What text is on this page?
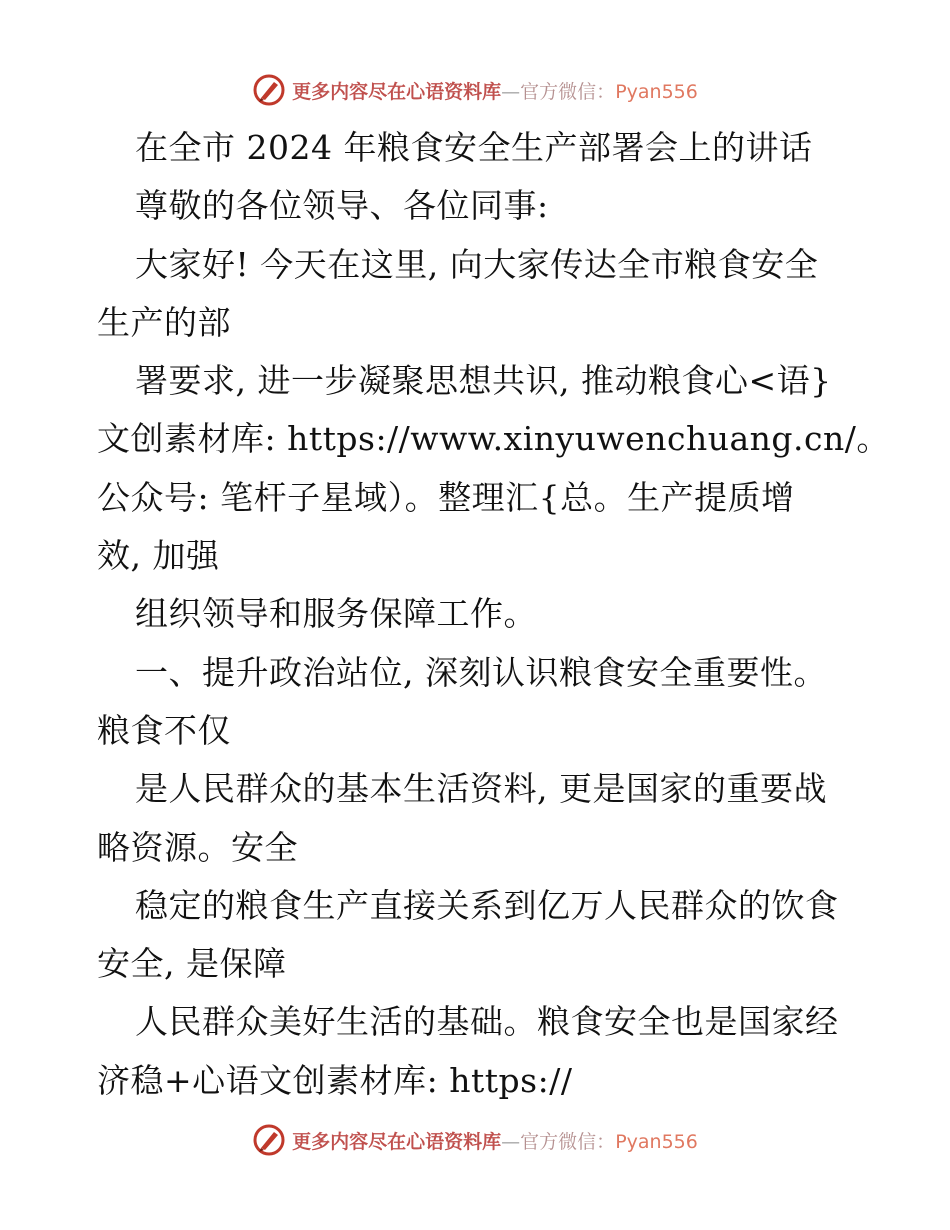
更多内容尽在心语资料库—官方微信：Pyan556
在全市 2024 年粮食安全生产部署会上的讲话
尊敬的各位领导、各位同事:
大家好! 今天在这里, 向大家传达全市粮食安全
生产的部
署要求, 进一步凝聚思想共识, 推动粮食心<语}
文创素材库: https://www.xinyuwenchuang.cn/。
公众号: 笔杆子星域）。整理汇{总。生产提质增
效, 加强
组织领导和服务保障工作。
一、提升政治站位, 深刻认识粮食安全重要性。
粮食不仅
是人民群众的基本生活资料, 更是国家的重要战
略资源。安全
稳定的粮食生产直接关系到亿万人民群众的饮食
安全, 是保障
人民群众美好生活的基础。粮食安全也是国家经
济稳+心语文创素材库: https://
更多内容尽在心语资料库—官方微信：Pyan556
